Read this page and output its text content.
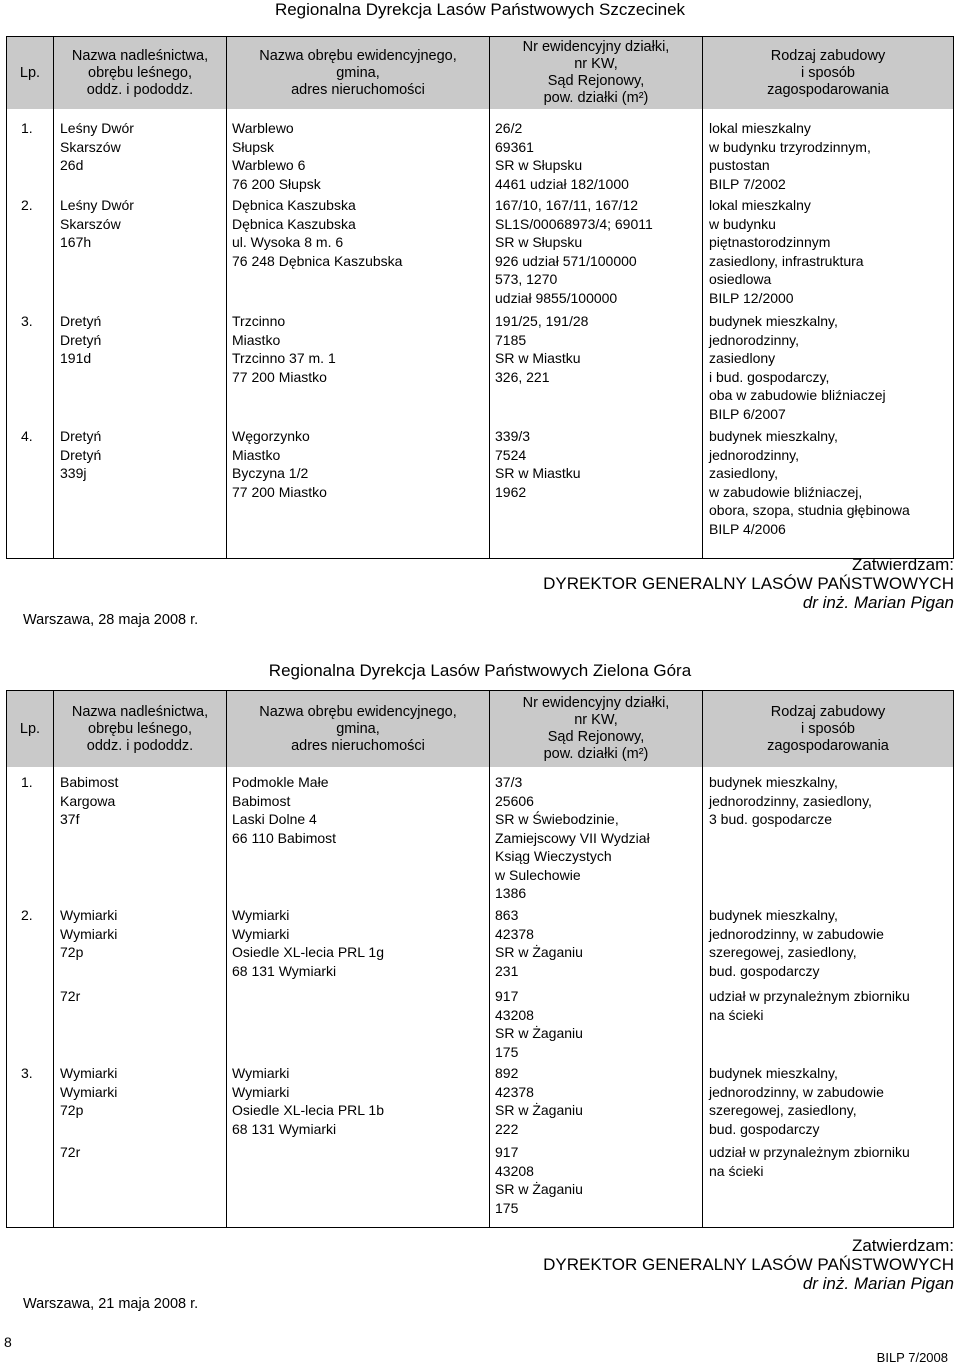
Regionalna Dyrekcja Lasów Państwowych Szczecinek
Lp.
Nazwa nadleśnictwa,
obrębu leśnego,
oddz. i pododdz.
Nazwa obrębu ewidencyjnego,
gmina,
adres nieruchomości
Nr ewidencyjny działki,
nr KW,
Sąd Rejonowy,
pow. działki (m²)
Rodzaj zabudowy
i sposób
zagospodarowania
1. Leśny Dwór
Skarszów
26d
Warblewo
Słupsk
Warblewo 6
76 200 Słupsk
26/2
69361
SR w Słupsku
4461 udział 182/1000
lokal mieszkalny
w budynku trzyrodzinnym,
pustostan
BILP 7/2002
2. Leśny Dwór
Skarszów
167h
Dębnica Kaszubska
Dębnica Kaszubska
ul. Wysoka 8 m. 6
76 248 Dębnica Kaszubska
167/10, 167/11, 167/12
SL1S/00068973/4; 69011
SR w Słupsku
926 udział 571/100000
573, 1270
udział 9855/100000
lokal mieszkalny
w budynku
piętnastorodzinnym
zasiedlony, infrastruktura
osiedlowa
BILP 12/2000
3. Dretyń
Dretyń
191d
Trzcinno
Miastko
Trzcinno 37 m. 1
77 200 Miastko
191/25, 191/28
7185
SR w Miastku
326, 221
budynek mieszkalny,
jednorodzinny,
zasiedlony
i bud. gospodarczy,
oba w zabudowie bliźniaczej
BILP 6/2007
4. Dretyń
Dretyń
339j
Węgorzynko
Miastko
Byczyna 1/2
77 200 Miastko
339/3
7524
SR w Miastku
1962
budynek mieszkalny,
jednorodzinny,
zasiedlony,
w zabudowie bliźniaczej,
obora, szopa, studnia głębinowa
BILP 4/2006
Zatwierdzam:
DYREKTOR GENERALNY LASÓW PAŃSTWOWYCH
dr inż. Marian Pigan
Warszawa, 28 maja 2008 r.
Regionalna Dyrekcja Lasów Państwowych Zielona Góra
Lp.
Nazwa nadleśnictwa,
obrębu leśnego,
oddz. i pododdz.
Nazwa obrębu ewidencyjnego,
gmina,
adres nieruchomości
Nr ewidencyjny działki,
nr KW,
Sąd Rejonowy,
pow. działki (m²)
Rodzaj zabudowy
i sposób
zagospodarowania
1. Babimost
Kargowa
37f
Podmokle Małe
Babimost
Laski Dolne 4
66 110 Babimost
37/3
25606
SR w Świebodzinie,
Zamiejscowy VII Wydział
Ksiąg Wieczystych
w Sulechowie
1386
budynek mieszkalny,
jednorodzinny, zasiedlony,
3 bud. gospodarcze
2. Wymiarki
Wymiarki
72p
Wymiarki
Wymiarki
Osiedle XL-lecia PRL 1g
68 131 Wymiarki
863
42378
SR w Żaganiu
231
budynek mieszkalny,
jednorodzinny, w zabudowie
szeregowej, zasiedlony,
bud. gospodarczy
72r	917
43208
SR w Żaganiu
175
udział w przynależnym zbiorniku
na ścieki
3. Wymiarki
Wymiarki
72p
Wymiarki
Wymiarki
Osiedle XL-lecia PRL 1b
68 131 Wymiarki
892
42378
SR w Żaganiu
222
budynek mieszkalny,
jednorodzinny, w zabudowie
szeregowej, zasiedlony,
bud. gospodarczy
72r	917
43208
SR w Żaganiu
175
udział w przynależnym zbiorniku
na ścieki
Zatwierdzam:
DYREKTOR GENERALNY LASÓW PAŃSTWOWYCH
dr inż. Marian Pigan
Warszawa, 21 maja 2008 r.
8
BILP 7/2008
